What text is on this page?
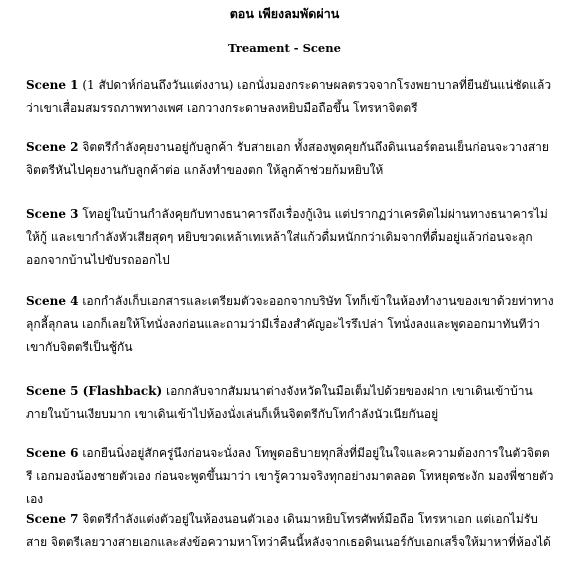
ตอน เพียงลมพัดผ่าน
Treament - Scene
Scene 1 (1 สัปดาห์ก่อนถึงวันแต่งงาน) เอกนั่งมองกระดาษผลตรวจจากโรงพยาบาลที่ยืนยันแน่ชัดแล้วว่าเขาเสื่อมสมรรถภาพทางเพศ เอกวางกระดาษลงหยิบมือถือขึ้น โทรหาจิตตรี
Scene 2 จิตตรีกำลังคุยงานอยู่กับลูกค้า รับสายเอก ทั้งสองพูดคุยกันถึงดินเนอร์ตอนเย็นก่อนจะวางสาย จิตตรีหันไปคุยงานกับลูกค้าต่อ แกล้งทำของตก ให้ลูกค้าช่วยก้มหยิบให้
Scene 3 โทอยู่ในบ้านกำลังคุยกับทางธนาคารถึงเรื่องกู้เงิน แต่ปรากฏว่าเครดิตไม่ผ่านทางธนาคารไม่ให้กู้ และเขากำลังหัวเสียสุดๆ หยิบขวดเหล้าเทเหล้าใส่แก้วดื่มหนักกว่าเดิมจากที่ดื่มอยู่แล้วก่อนจะลุกออกจากบ้านไปขับรถออกไป
Scene 4 เอกกำลังเก็บเอกสารและเตรียมตัวจะออกจากบริษัท โทก็เข้าในห้องทำงานของเขาด้วยท่าทางลุกลี้ลุกลน เอกก็เลยให้โทนั่งลงก่อนและถามว่ามีเรื่องสำคัญอะไรรึเปล่า โทนั่งลงและพูดออกมาทันทีว่าเขากับจิตตรีเป็นชู้กัน
Scene 5 (Flashback) เอกกลับจากสัมมนาต่างจังหวัดในมือเต็มไปด้วยของฝาก เขาเดินเข้าบ้าน ภายในบ้านเงียบมาก เขาเดินเข้าไปห้องนั่งเล่นก็เห็นจิตตรีกับโทกำลังนัวเนียกันอยู่
Scene 6 เอกยืนนิ่งอยู่สักครู่นึงก่อนจะนั่งลง โทพูดอธิบายทุกสิ่งที่มีอยู่ในใจและความต้องการในตัวจิตตรี เอกมองน้องชายตัวเอง ก่อนจะพูดขึ้นมาว่า เขารู้ความจริงทุกอย่างมาตลอด โทหยุดชะงัก มองพี่ชายตัวเอง
Scene 7 จิตตรีกำลังแต่งตัวอยู่ในห้องนอนตัวเอง เดินมาหยิบโทรศัพท์มือถือ โทรหาเอก แต่เอกไม่รับสาย จิตตรีเลยวางสายเอกและส่งข้อความหาโทว่าคืนนี้หลังจากเธอดินเนอร์กับเอกเสร็จให้มาหาที่ห้องได้
